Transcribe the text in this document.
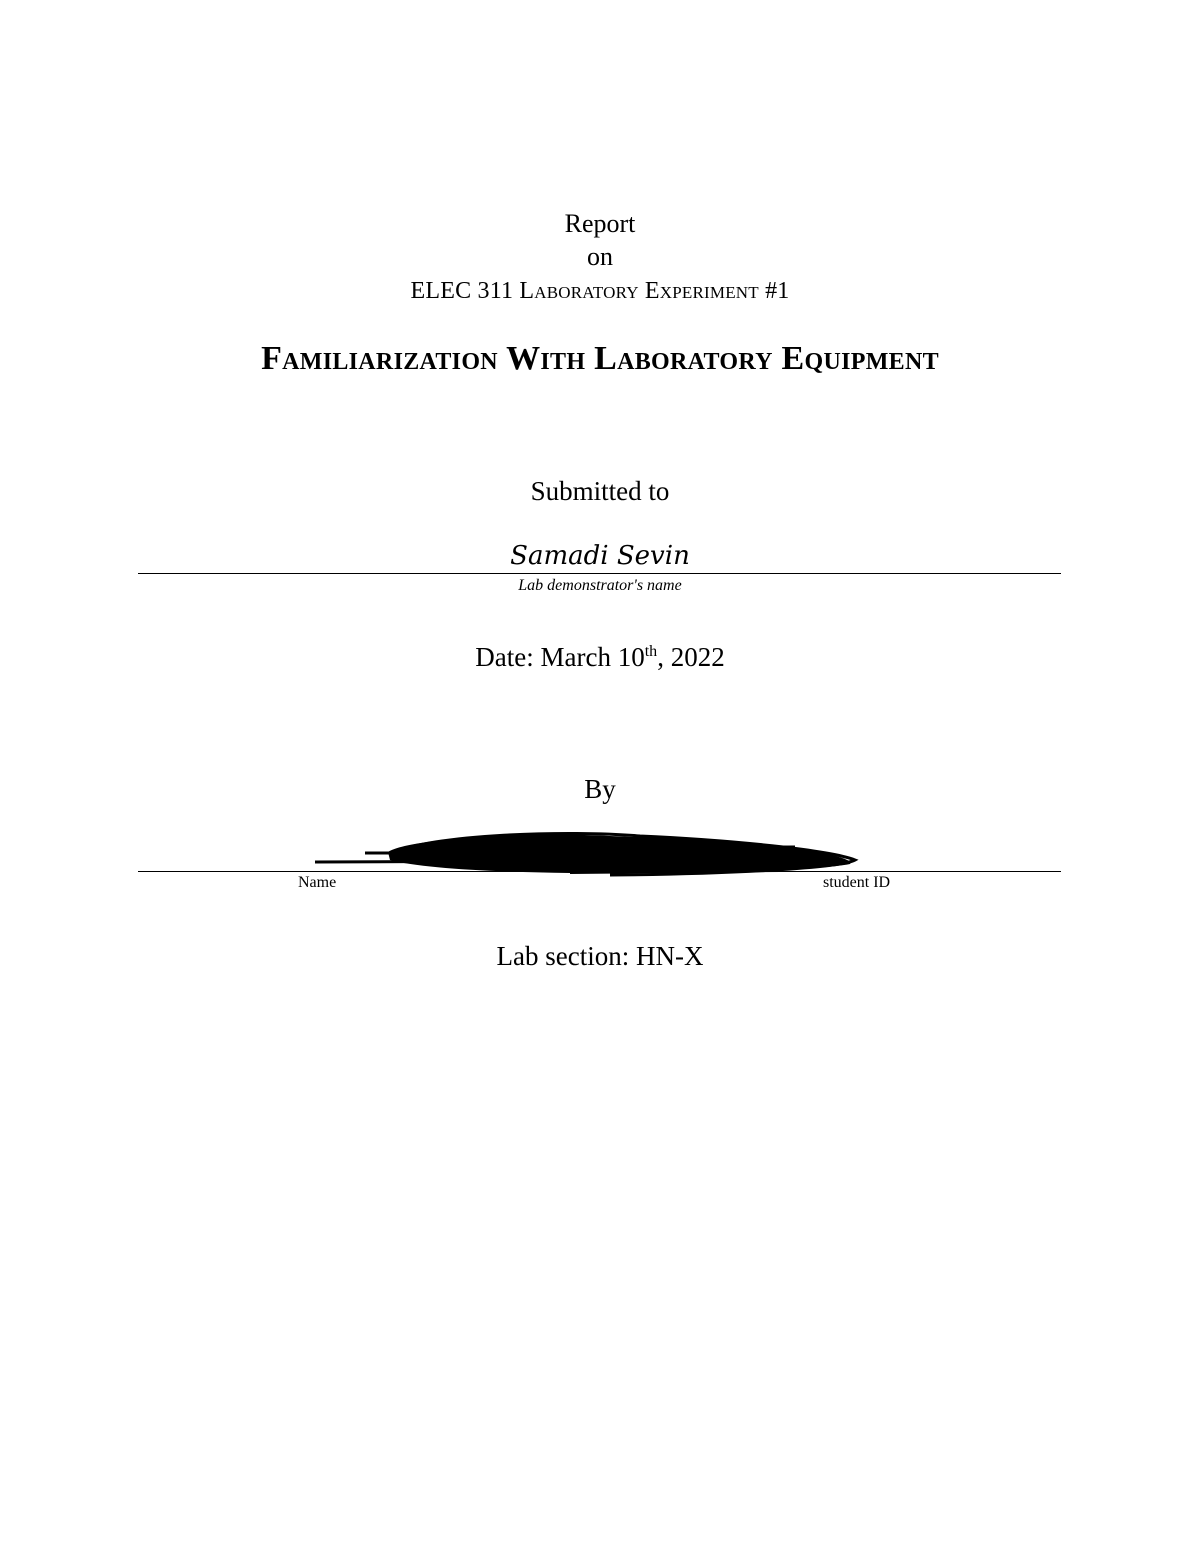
Report
on
ELEC 311 Laboratory Experiment #1
Familiarization With Laboratory Equipment
Submitted to
Samadi Sevin
Lab demonstrator's name
Date: March 10th, 2022
By
Name	student ID
Lab section: HN-X
